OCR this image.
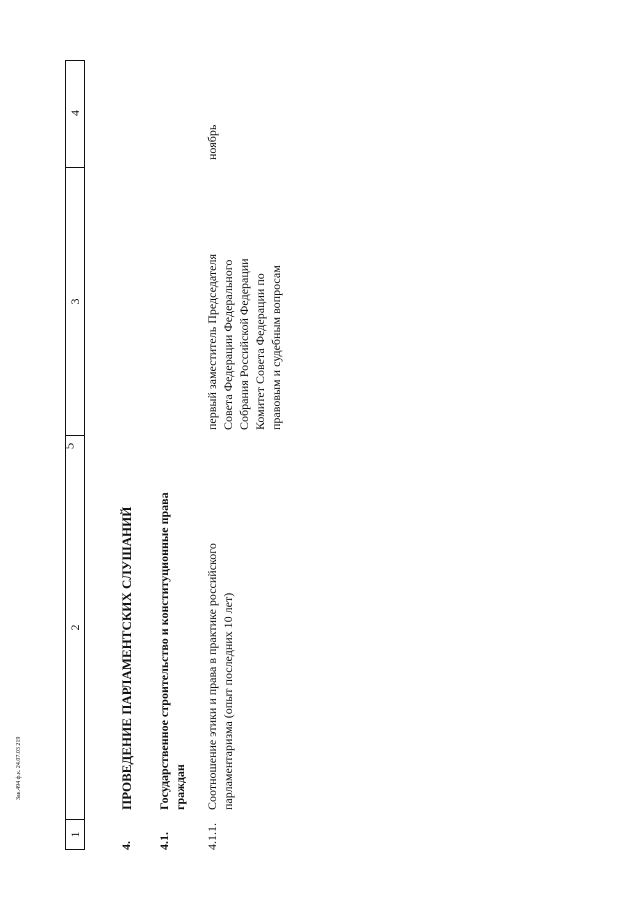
5
1
2
3
4
4.
ПРОВЕДЕНИЕ ПАРЛАМЕНТСКИХ СЛУШАНИЙ
4.1.
Государственное строительство и конституционные права граждан
4.1.1.
Соотношение этики и права в практике российского парламентаризма (опыт последних 10 лет)
первый заместитель Председателя Совета Федерации Федерального Собрания Российской Федерации Комитет Совета Федерации по правовым и судебным вопросам
ноябрь
Зак.494 ф.к. 24.07.03 219
